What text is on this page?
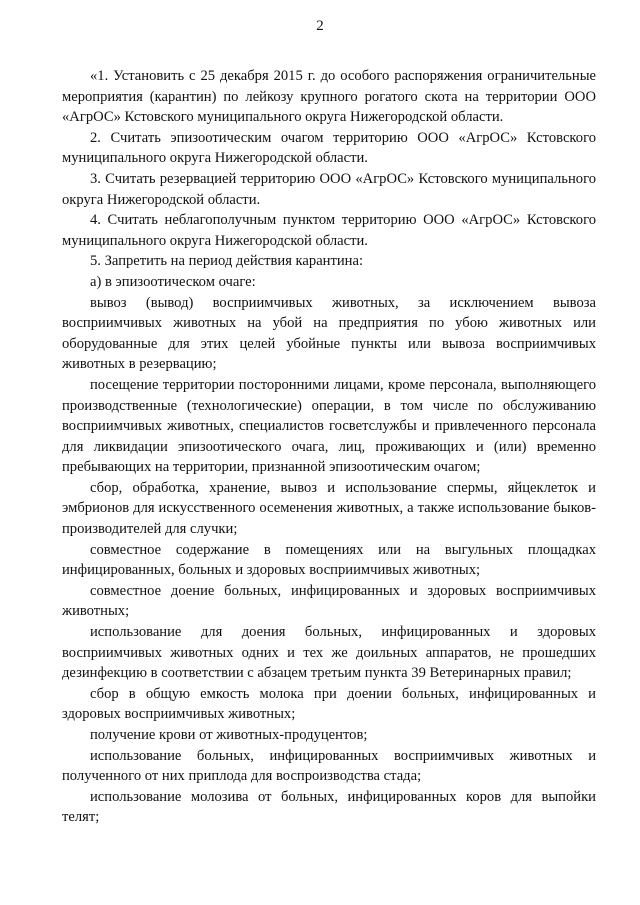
2

«1. Установить с 25 декабря 2015 г. до особого распоряжения ограничительные мероприятия (карантин) по лейкозу крупного рогатого скота на территории ООО «АгрОС» Кстовского муниципального округа Нижегородской области.

2. Считать эпизоотическим очагом территорию ООО «АгрОС» Кстовского муниципального округа Нижегородской области.

3. Считать резервацией территорию ООО «АгрОС» Кстовского муниципального округа Нижегородской области.

4. Считать неблагополучным пунктом территорию ООО «АгрОС» Кстовского муниципального округа Нижегородской области.

5. Запретить на период действия карантина:

а) в эпизоотическом очаге:

вывоз (вывод) восприимчивых животных, за исключением вывоза восприимчивых животных на убой на предприятия по убою животных или оборудованные для этих целей убойные пункты или вывоза восприимчивых животных в резервацию;

посещение территории посторонними лицами, кроме персонала, выполняющего производственные (технологические) операции, в том числе по обслуживанию восприимчивых животных, специалистов госветслужбы и привлеченного персонала для ликвидации эпизоотического очага, лиц, проживающих и (или) временно пребывающих на территории, признанной эпизоотическим очагом;

сбор, обработка, хранение, вывоз и использование спермы, яйцеклеток и эмбрионов для искусственного осеменения животных, а также использование быков-производителей для случки;

совместное содержание в помещениях или на выгульных площадках инфицированных, больных и здоровых восприимчивых животных;

совместное доение больных, инфицированных и здоровых восприимчивых животных;

использование для доения больных, инфицированных и здоровых восприимчивых животных одних и тех же доильных аппаратов, не прошедших дезинфекцию в соответствии с абзацем третьим пункта 39 Ветеринарных правил;

сбор в общую емкость молока при доении больных, инфицированных и здоровых восприимчивых животных;

получение крови от животных-продуцентов;

использование больных, инфицированных восприимчивых животных и полученного от них приплода для воспроизводства стада;

использование молозива от больных, инфицированных коров для выпойки телят;
